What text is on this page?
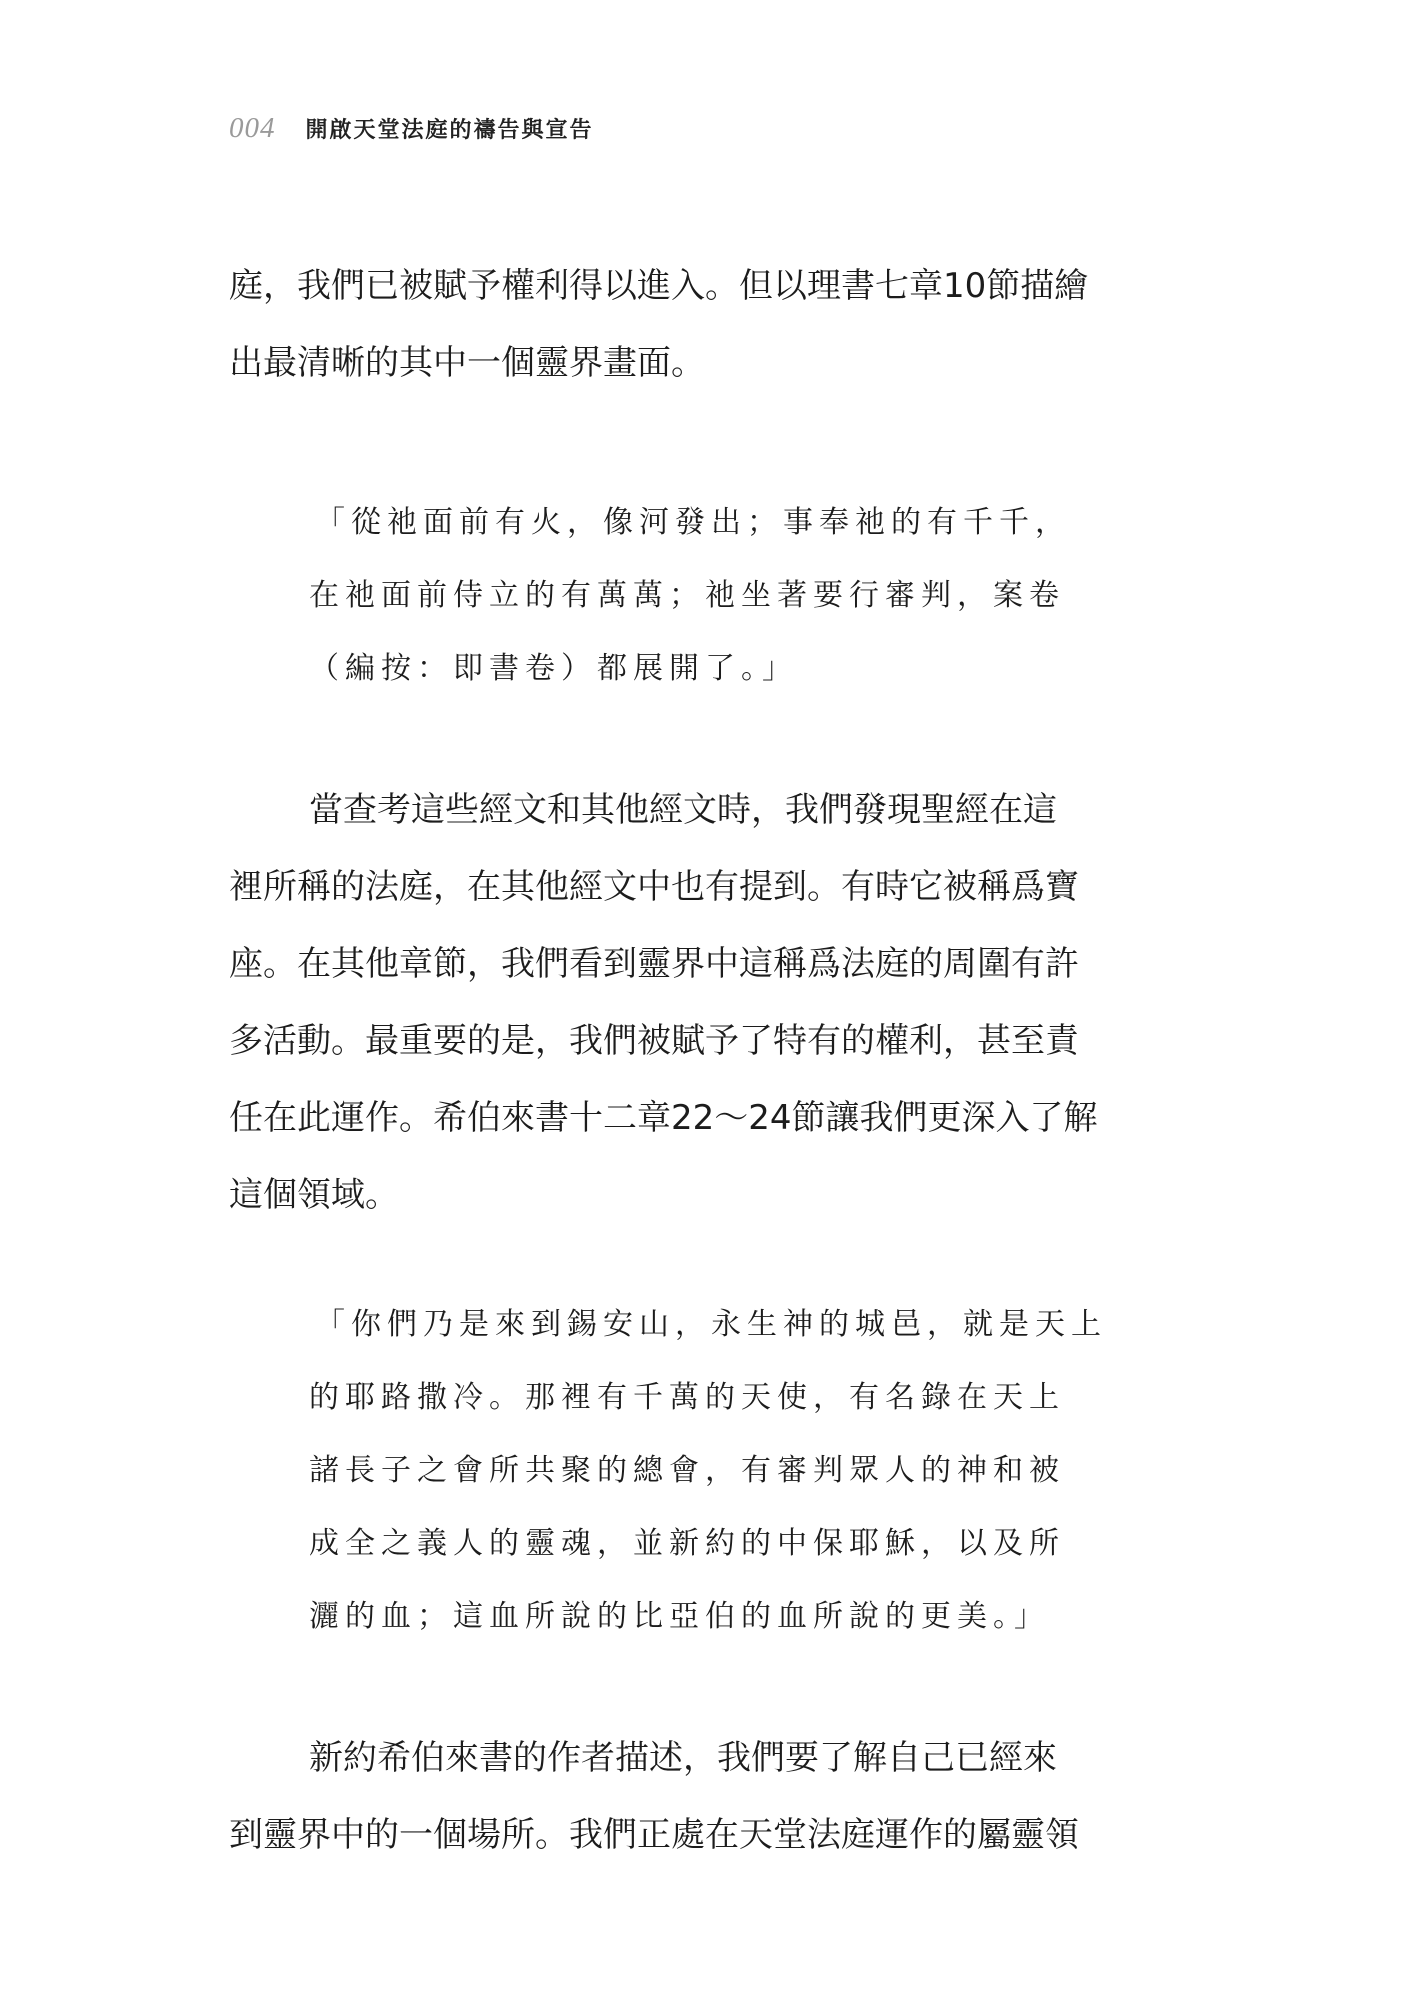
004 開啟天堂法庭的禱告與宣告

庭，我們已被賦予權利得以進入。但以理書七章10節描繪
出最清晰的其中一個靈界畫面。

「從祂面前有火，像河發出；事奉祂的有千千，
在祂面前侍立的有萬萬；祂坐著要行審判，案卷
（編按：即書卷）都展開了。」

當查考這些經文和其他經文時，我們發現聖經在這
裡所稱的法庭，在其他經文中也有提到。有時它被稱爲寶
座。在其他章節，我們看到靈界中這稱爲法庭的周圍有許
多活動。最重要的是，我們被賦予了特有的權利，甚至責
任在此運作。希伯來書十二章22～24節讓我們更深入了解
這個領域。

「你們乃是來到錫安山，永生神的城邑，就是天上
的耶路撒冷。那裡有千萬的天使，有名錄在天上
諸長子之會所共聚的總會，有審判眾人的神和被
成全之義人的靈魂，並新約的中保耶穌，以及所
灑的血；這血所說的比亞伯的血所說的更美。」

新約希伯來書的作者描述，我們要了解自己已經來
到靈界中的一個場所。我們正處在天堂法庭運作的屬靈領
